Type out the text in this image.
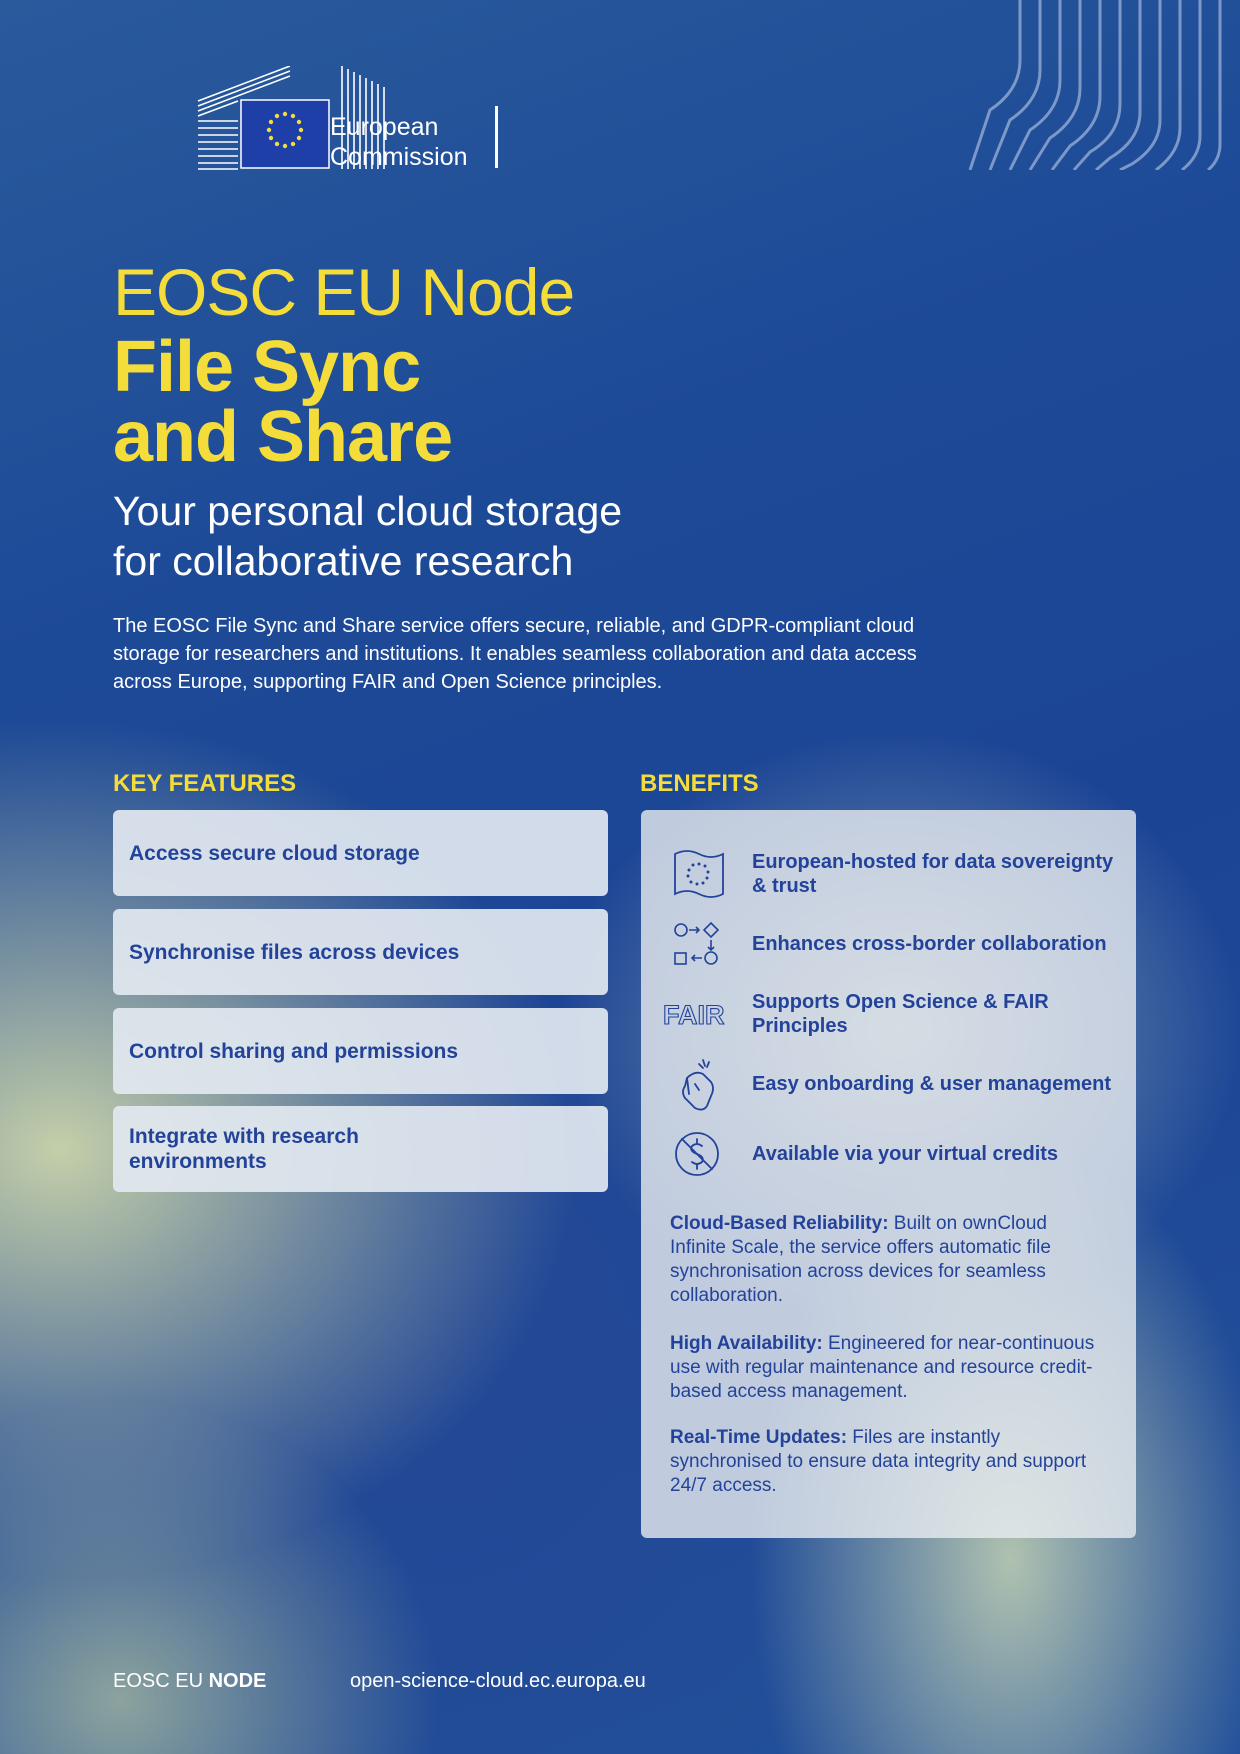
European
Commission
EOSC EU Node
File Sync
and Share
Your personal cloud storage
for collaborative research
The EOSC File Sync and Share service offers secure, reliable, and GDPR-compliant cloud storage for researchers and institutions. It enables seamless collaboration and data access across Europe, supporting FAIR and Open Science principles.
KEY FEATURES
Access secure cloud storage
Synchronise files across devices
Control sharing and permissions
Integrate with research environments
BENEFITS
European-hosted for data sovereignty & trust
Enhances cross-border collaboration
FAIR Supports Open Science & FAIR Principles
Easy onboarding & user management
Available via your virtual credits
Cloud-Based Reliability: Built on ownCloud Infinite Scale, the service offers automatic file synchronisation across devices for seamless collaboration.
High Availability: Engineered for near-continuous use with regular maintenance and resource credit-based access management.
Real-Time Updates: Files are instantly synchronised to ensure data integrity and support 24/7 access.
EOSC EU NODE	open-science-cloud.ec.europa.eu
